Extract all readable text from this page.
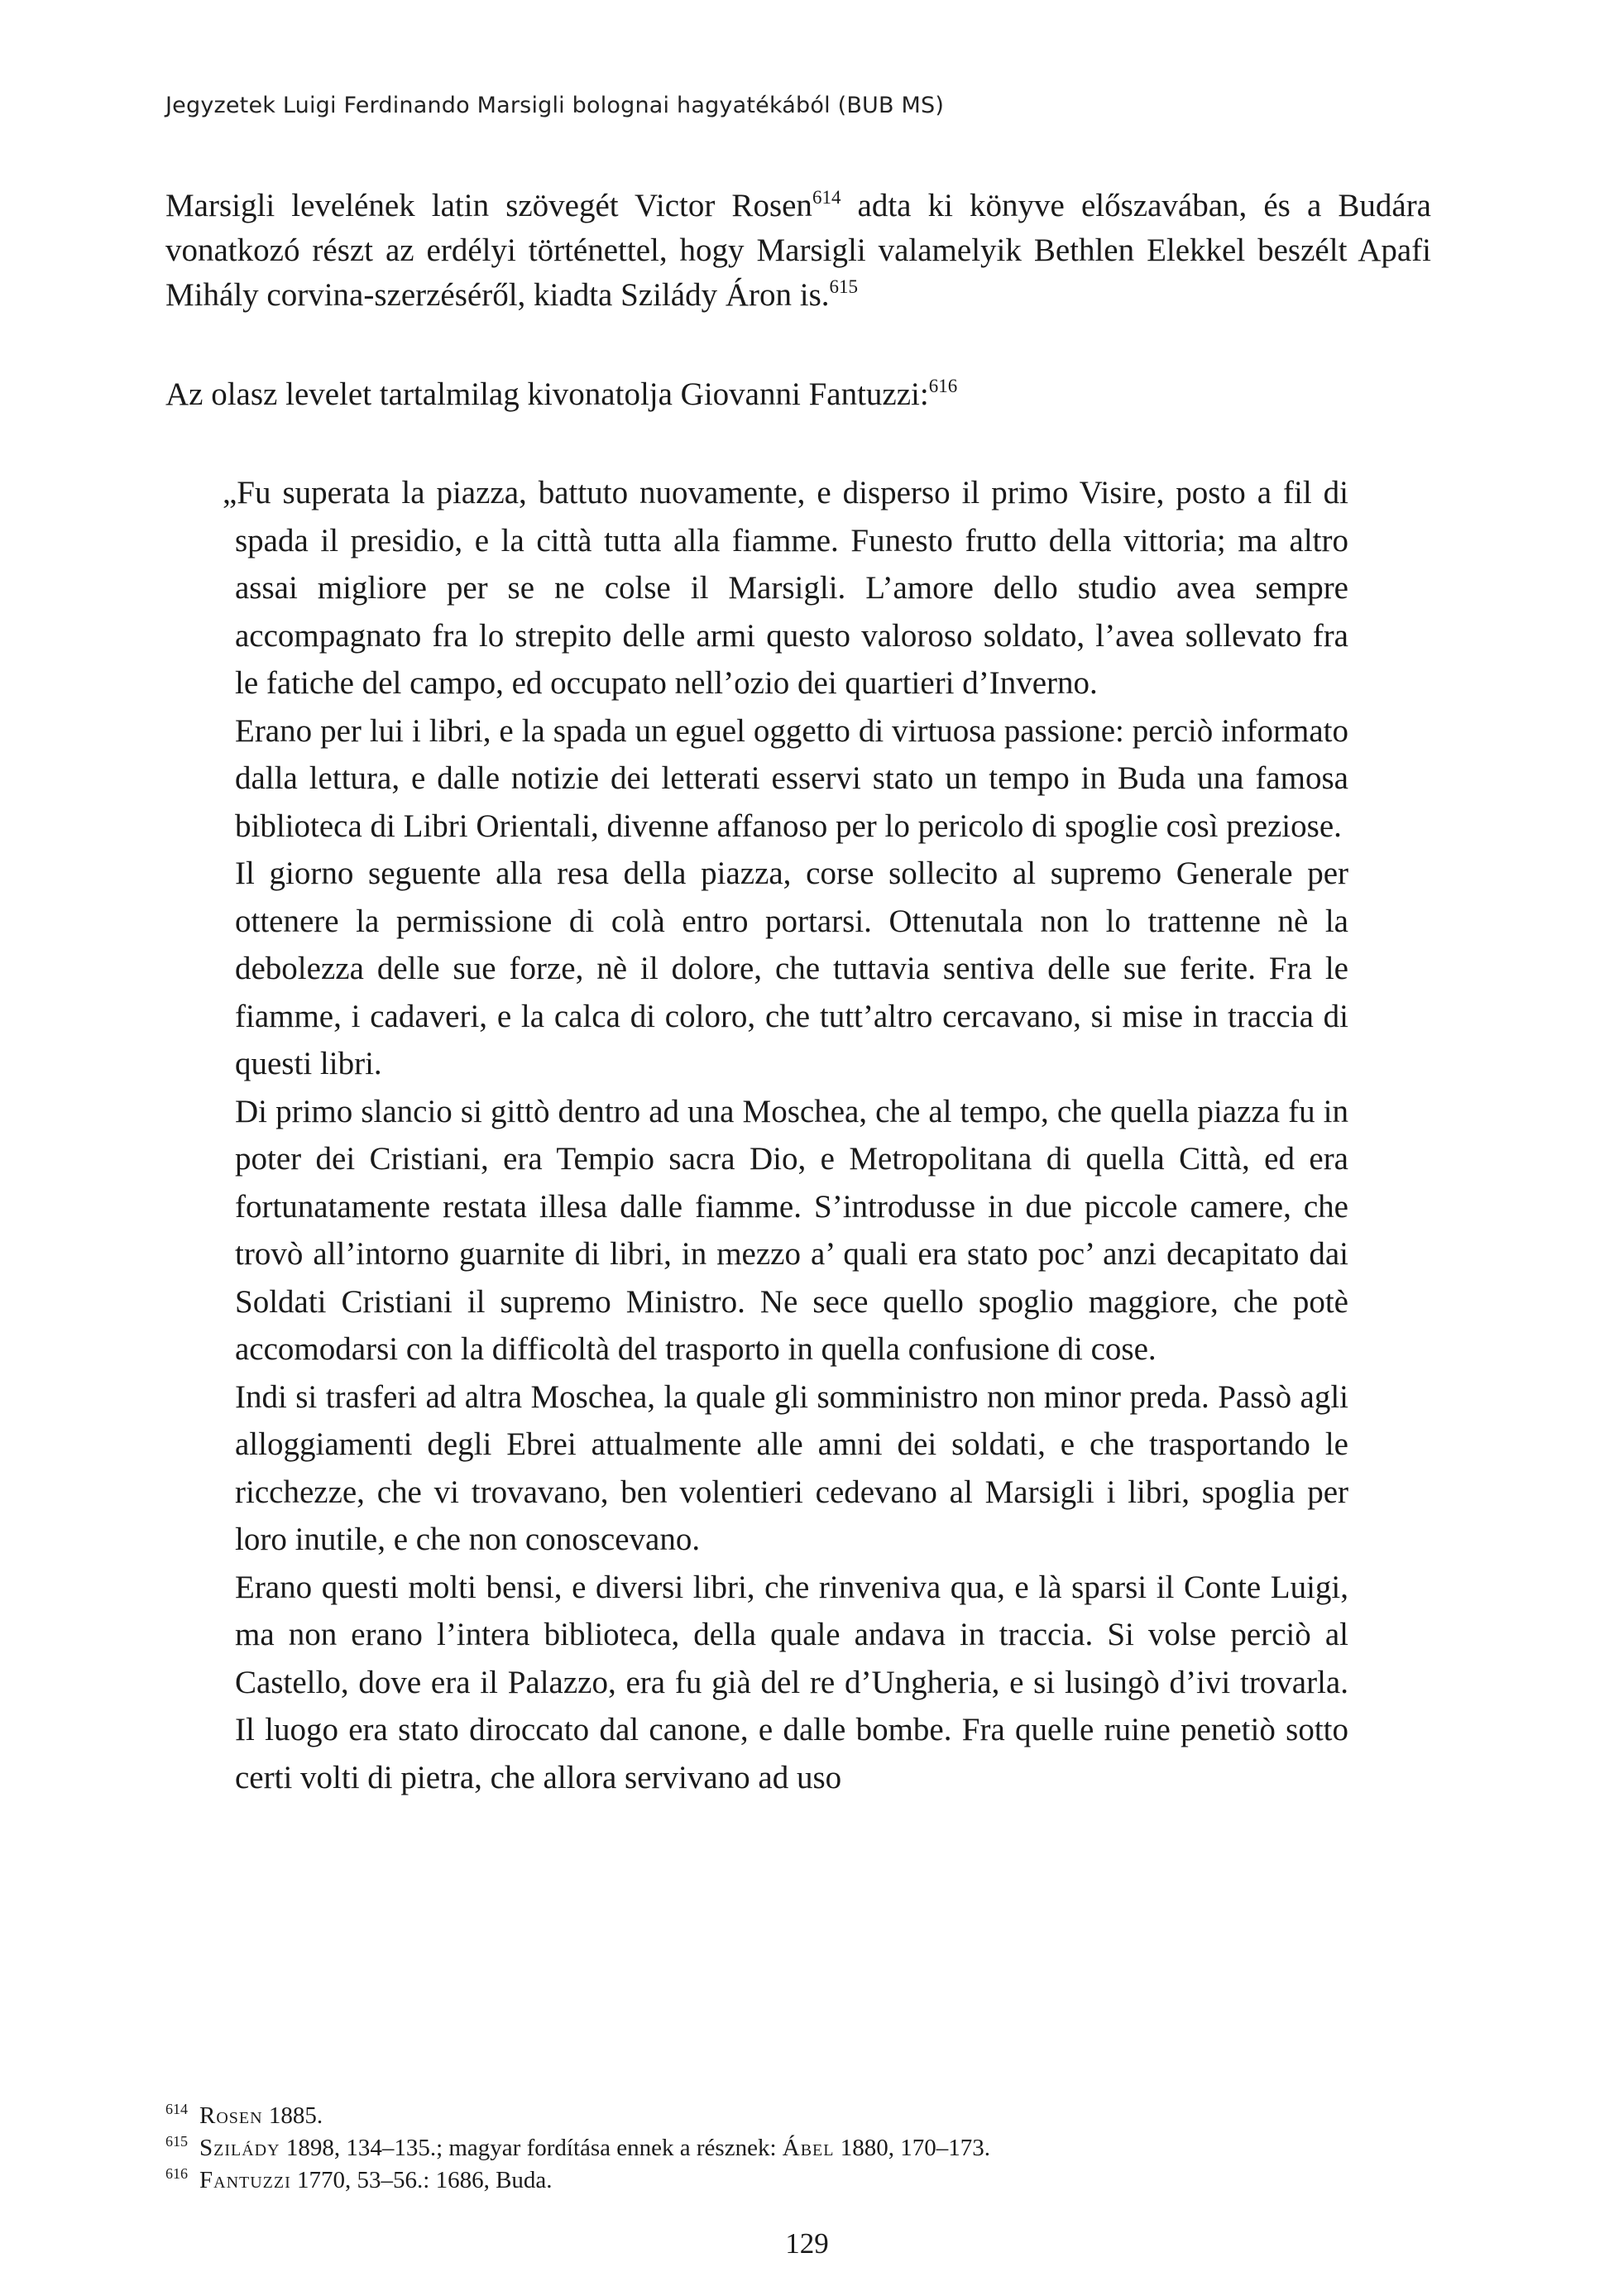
Jegyzetek Luigi Ferdinando Marsigli bolognai hagyatékából (BUB MS)

Marsigli levelének latin szövegét Victor Rosen$^{614}$ adta ki könyve előszavában, és a Budára vonatkozó részt az erdélyi történettel, hogy Marsigli valamelyik Bethlen Elekkel beszélt Apafi Mihály corvina-szerzéséről, kiadta Szilády Áron is.$^{615}$

Az olasz levelet tartalmilag kivonatolja Giovanni Fantuzzi:$^{616}$

„Fu superata la piazza, battuto nuovamente, e disperso il primo Visire, posto a fil di spada il presidio, e la città tutta alla fiamme. Funesto frutto della vittoria; ma altro assai migliore per se ne colse il Marsigli. L’amore dello studio avea sempre accompagnato fra lo strepito delle armi questo valoroso soldato, l’avea sollevato fra le fatiche del campo, ed occupato nell’ozio dei quartieri d’Inverno.

Erano per lui i libri, e la spada un eguel oggetto di virtuosa passione: perciò informato dalla lettura, e dalle notizie dei letterati esservi stato un tempo in Buda una famosa biblioteca di Libri Orientali, divenne affanoso per lo pericolo di spoglie così preziose.

Il giorno seguente alla resa della piazza, corse sollecito al supremo Generale per ottenere la permissione di colà entro portarsi. Ottenutala non lo trattenne nè la debolezza delle sue forze, nè il dolore, che tuttavia sentiva delle sue ferite. Fra le fiamme, i cadaveri, e la calca di coloro, che tutt’altro cercavano, si mise in traccia di questi libri.

Di primo slancio si gittò dentro ad una Moschea, che al tempo, che quella piazza fu in poter dei Cristiani, era Tempio sacra Dio, e Metropolitana di quella Città, ed era fortunatamente restata illesa dalle fiamme. S’introdusse in due piccole camere, che trovò all’intorno guarnite di libri, in mezzo a’ quali era stato poc’ anzi decapitato dai Soldati Cristiani il supremo Ministro. Ne sece quello spoglio maggiore, che potè accomodarsi con la difficoltà del trasporto in quella confusione di cose.

Indi si trasferi ad altra Moschea, la quale gli somministro non minor preda. Passò agli alloggiamenti degli Ebrei attualmente alle amni dei soldati, e che trasportando le ricchezze, che vi trovavano, ben volentieri cedevano al Marsigli i libri, spoglia per loro inutile, e che non conoscevano.

Erano questi molti bensi, e diversi libri, che rinveniva qua, e là sparsi il Conte Luigi, ma non erano l’intera biblioteca, della quale andava in traccia. Si volse perciò al Castello, dove era il Palazzo, era fu già del re d’Ungheria, e si lusingò d’ivi trovarla. Il luogo era stato diroccato dal canone, e dalle bombe. Fra quelle ruine penetiò sotto certi volti di pietra, che allora servivano ad uso

$^{614}$ Rosen 1885.

$^{615}$ Szilády 1898, 134–135.; magyar fordítása ennek a résznek: Ábel 1880, 170–173.

$^{616}$ Fantuzzi 1770, 53–56.: 1686, Buda.

129
